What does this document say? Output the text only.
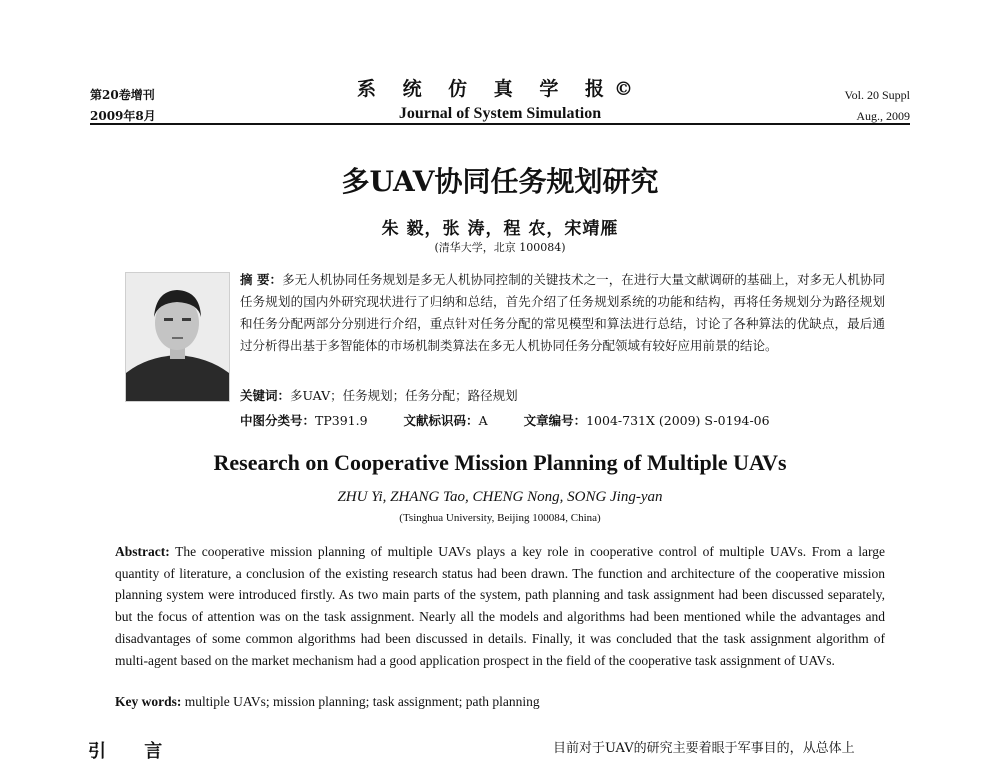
第20卷增刊
2009年8月
系 统 仿 真 学 报©
Journal of System Simulation
Vol. 20 Suppl
Aug., 2009
多UAV协同任务规划研究
朱 毅，张 涛，程 农，宋靖雁
(清华大学，北京 100084)
摘 要：多无人机协同任务规划是多无人机协同控制的关键技术之一，在进行大量文献调研的基础上，对多无人机协同任务规划的国内外研究现状进行了归纳和总结，首先介绍了任务规划系统的功能和结构，再将任务规划分为路径规划和任务分配两部分分别进行介绍，重点针对任务分配的常见模型和算法进行总结，讨论了各种算法的优缺点，最后通过分析得出基于多智能体的市场机制类算法在多无人机协同任务分配领域有较好应用前景的结论。
关键词：多UAV；任务规划；任务分配；路径规划
中图分类号：TP391.9	文献标识码：A	文章编号：1004-731X (2009) S-0194-06
Research on Cooperative Mission Planning of Multiple UAVs
ZHU Yi, ZHANG Tao, CHENG Nong, SONG Jing-yan
(Tsinghua University, Beijing 100084, China)
Abstract: The cooperative mission planning of multiple UAVs plays a key role in cooperative control of multiple UAVs. From a large quantity of literature, a conclusion of the existing research status had been drawn. The function and architecture of the cooperative mission planning system were introduced firstly. As two main parts of the system, path planning and task assignment had been discussed separately, but the focus of attention was on the task assignment. Nearly all the models and algorithms had been mentioned while the advantages and disadvantages of some common algorithms had been discussed in details. Finally, it was concluded that the task assignment algorithm of multi-agent based on the market mechanism had a good application prospect in the field of the cooperative task assignment of UAVs.
Key words: multiple UAVs; mission planning; task assignment; path planning
引 言	目前对于UAV的研究主要着眼于军事目的，从总体上
